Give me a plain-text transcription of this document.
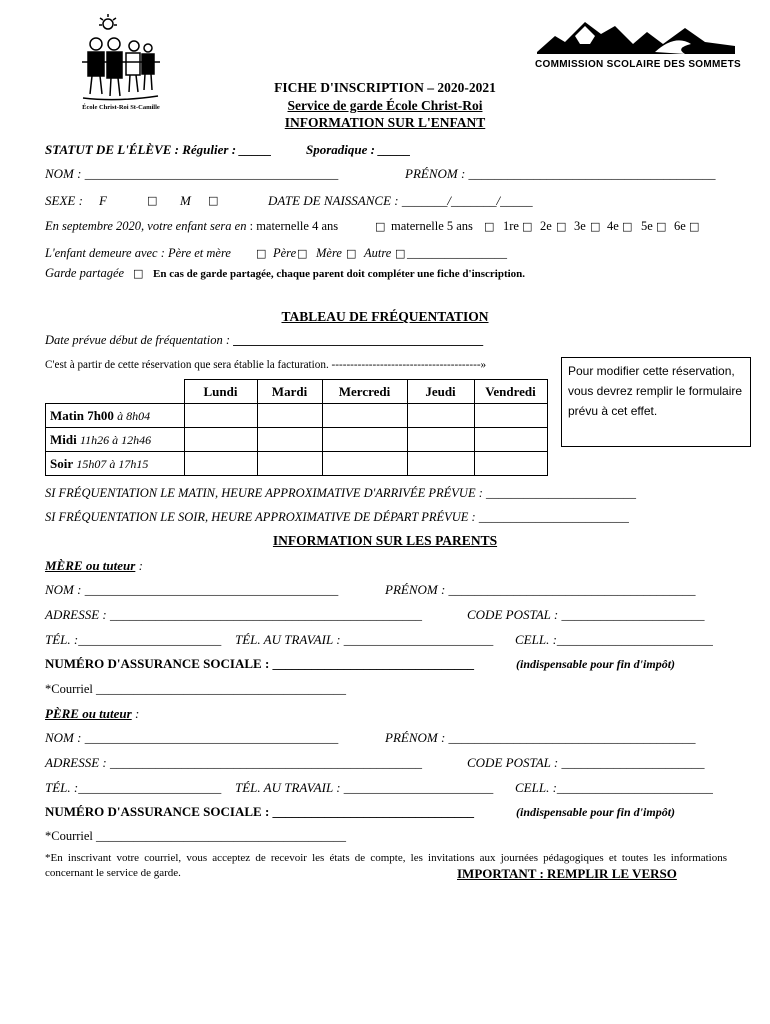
École Christ-Roi St-Camille
COMMISSION SCOLAIRE DES SOMMETS
FICHE D'INSCRIPTION – 2020-2021
Service de garde École Christ-Roi
INFORMATION SUR L'ENFANT
STATUT DE L'ÉLÈVE : Régulier : _____	Sporadique : _____
NOM : _______________________________________	PRÉNOM : ______________________________________
SEXE : F	□ M □	DATE DE NAISSANCE : _______/_______/_____
En septembre 2020, votre enfant sera en : maternelle 4 ans	□ maternelle 5 ans □ 1re □ 2e □ 3e □ 4e □ 5e □ 6e □
L'enfant demeure avec : Père et mère □ Père □ Mère □ Autre □ ________________
Garde partagée □ En cas de garde partagée, chaque parent doit compléter une fiche d'inscription.
TABLEAU DE FRÉQUENTATION
Date prévue début de fréquentation : ________________________________________
C'est à partir de cette réservation que sera établie la facturation. ----------------------------------------»	Pour modifier cette réservation, vous devrez remplir le formulaire prévu à cet effet.
	Lundi	Mardi	Mercredi	Jeudi	Vendredi
Matin 7h00 à 8h04					
Midi 11h26 à 12h46					
Soir 15h07 à 17h15					
SI FRÉQUENTATION LE MATIN, HEURE APPROXIMATIVE D'ARRIVÉE PRÉVUE : ________________________
SI FRÉQUENTATION LE SOIR, HEURE APPROXIMATIVE DE DÉPART PRÉVUE : ________________________
INFORMATION SUR LES PARENTS
MÈRE ou tuteur :
NOM : _______________________________________	PRÉNOM : ______________________________________
ADRESSE : ________________________________________________	CODE POSTAL : ______________________
TÉL. :______________________ TÉL. AU TRAVAIL : _______________________ CELL. :________________________
NUMÉRO D'ASSURANCE SOCIALE : _______________________________	(indispensable pour fin d'impôt)
*Courriel ________________________________________
PÈRE ou tuteur :
NOM : _______________________________________	PRÉNOM : ______________________________________
ADRESSE : ________________________________________________	CODE POSTAL : ______________________
TÉL. :______________________ TÉL. AU TRAVAIL : _______________________ CELL. :________________________
NUMÉRO D'ASSURANCE SOCIALE : _______________________________	(indispensable pour fin d'impôt)
*Courriel ________________________________________
*En inscrivant votre courriel, vous acceptez de recevoir les états de compte, les invitations aux journées pédagogiques et toutes les informations concernant le service de garde.	IMPORTANT : REMPLIR LE VERSO
